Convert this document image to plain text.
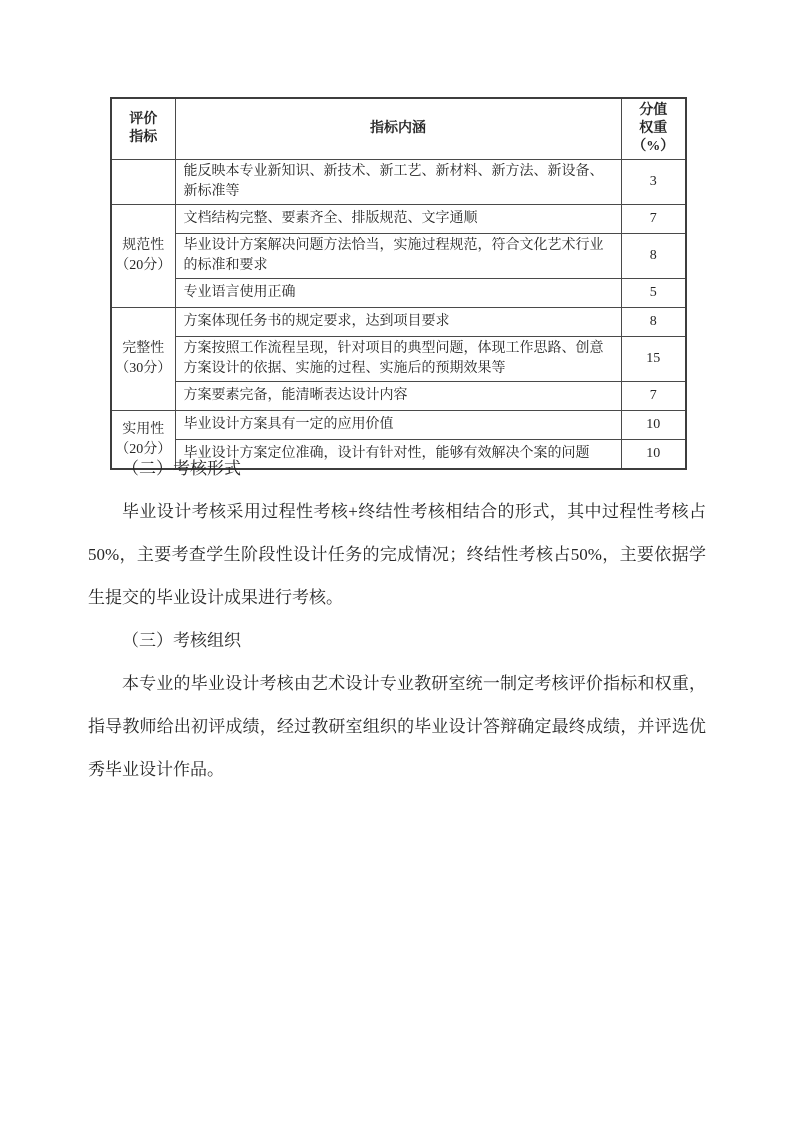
评价
指标	指标内涵	分值
权重
（%）
	能反映本专业新知识、新技术、新工艺、新材料、新方法、新设备、新标准等	3
规范性
（20分）	文档结构完整、要素齐全、排版规范、文字通顺	7
	毕业设计方案解决问题方法恰当，实施过程规范，符合文化艺术行业的标准和要求	8
	专业语言使用正确	5
完整性
（30分）	方案体现任务书的规定要求，达到项目要求	8
	方案按照工作流程呈现，针对项目的典型问题，体现工作思路、创意方案设计的依据、实施的过程、实施后的预期效果等	15
	方案要素完备，能清晰表达设计内容	7
实用性
（20分）	毕业设计方案具有一定的应用价值	10
	毕业设计方案定位准确，设计有针对性，能够有效解决个案的问题	10
（二）考核形式

毕业设计考核采用过程性考核+终结性考核相结合的形式，其中过程性考核占50%，主要考查学生阶段性设计任务的完成情况；终结性考核占50%，主要依据学生提交的毕业设计成果进行考核。

（三）考核组织

本专业的毕业设计考核由艺术设计专业教研室统一制定考核评价指标和权重，指导教师给出初评成绩，经过教研室组织的毕业设计答辩确定最终成绩，并评选优秀毕业设计作品。
